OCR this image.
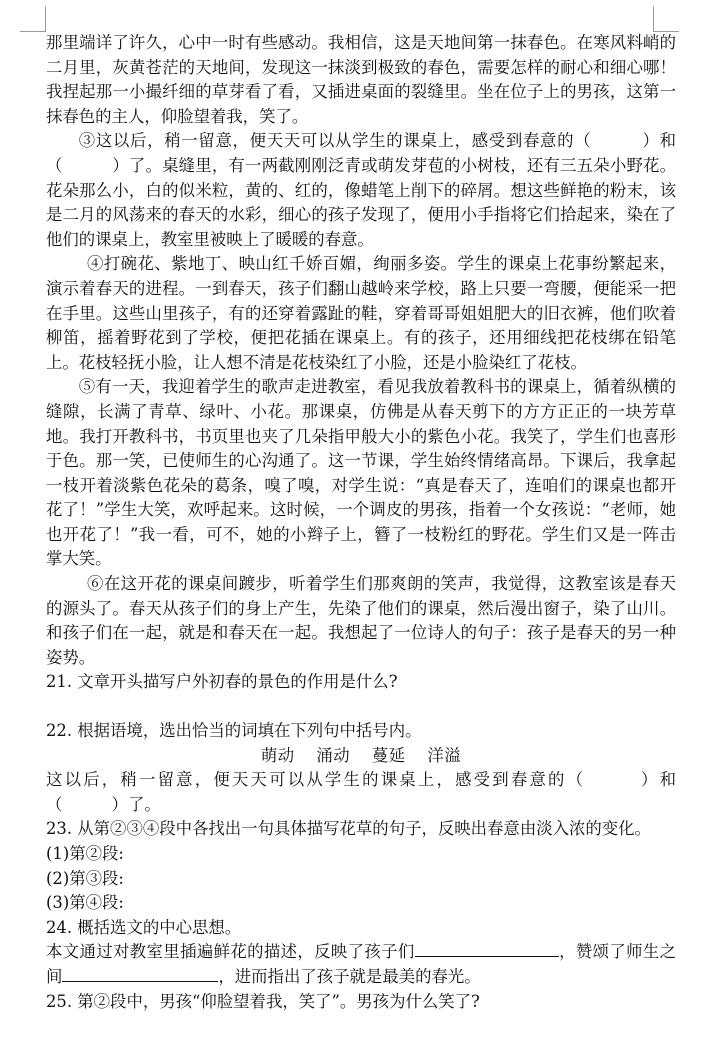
那里端详了许久，心中一时有些感动。我相信，这是天地间第一抹春色。在寒风料峭的二月里，灰黄苍茫的天地间，发现这一抹淡到极致的春色，需要怎样的耐心和细心哪！我捏起那一小撮纤细的草芽看了看，又插进桌面的裂缝里。坐在位子上的男孩，这第一抹春色的主人，仰脸望着我，笑了。

③这以后，稍一留意，便天天可以从学生的课桌上，感受到春意的（　　　）和（　　　）了。桌缝里，有一两截刚刚泛青或萌发芽苞的小树枝，还有三五朵小野花。花朵那么小，白的似米粒，黄的、红的，像蜡笔上削下的碎屑。想这些鲜艳的粉末，该是二月的风荡来的春天的水彩，细心的孩子发现了，便用小手指将它们拾起来，染在了他们的课桌上，教室里被映上了暖暖的春意。

④打碗花、紫地丁、映山红千娇百媚，绚丽多姿。学生的课桌上花事纷繁起来，演示着春天的进程。一到春天，孩子们翻山越岭来学校，路上只要一弯腰，便能采一把在手里。这些山里孩子，有的还穿着露趾的鞋，穿着哥哥姐姐肥大的旧衣裤，他们吹着柳笛，摇着野花到了学校，便把花插在课桌上。有的孩子，还用细线把花枝绑在铅笔上。花枝轻抚小脸，让人想不清是花枝染红了小脸，还是小脸染红了花枝。

⑤有一天，我迎着学生的歌声走进教室，看见我放着教科书的课桌上，循着纵横的缝隙，长满了青草、绿叶、小花。那课桌，仿佛是从春天剪下的方方正正的一块芳草地。我打开教科书，书页里也夹了几朵指甲般大小的紫色小花。我笑了，学生们也喜形于色。那一笑，已使师生的心沟通了。这一节课，学生始终情绪高昂。下课后，我拿起一枝开着淡紫色花朵的葛条，嗅了嗅，对学生说：“真是春天了，连咱们的课桌也都开花了！”学生大笑，欢呼起来。这时候，一个调皮的男孩，指着一个女孩说：“老师，她也开花了！”我一看，可不，她的小辫子上，簪了一枝粉红的野花。学生们又是一阵击掌大笑。

⑥在这开花的课桌间踱步，听着学生们那爽朗的笑声，我觉得，这教室该是春天的源头了。春天从孩子们的身上产生，先染了他们的课桌，然后漫出窗子，染了山川。和孩子们在一起，就是和春天在一起。我想起了一位诗人的句子：孩子是春天的另一种姿势。

21. 文章开头描写户外初春的景色的作用是什么?

22. 根据语境，选出恰当的词填在下列句中括号内。

萌动 涌动 蔓延 洋溢

这以后，稍一留意，便天天可以从学生的课桌上，感受到春意的（　　　）和（　　　）了。

23. 从第②③④段中各找出一句具体描写花草的句子，反映出春意由淡入浓的变化。

(1)第②段:

(2)第③段:

(3)第④段:

24. 概括选文的中心思想。

本文通过对教室里插遍鲜花的描述，反映了孩子们	，赞颂了师生之间	，进而指出了孩子就是最美的春光。

25. 第②段中，男孩“仰脸望着我，笑了”。男孩为什么笑了?
